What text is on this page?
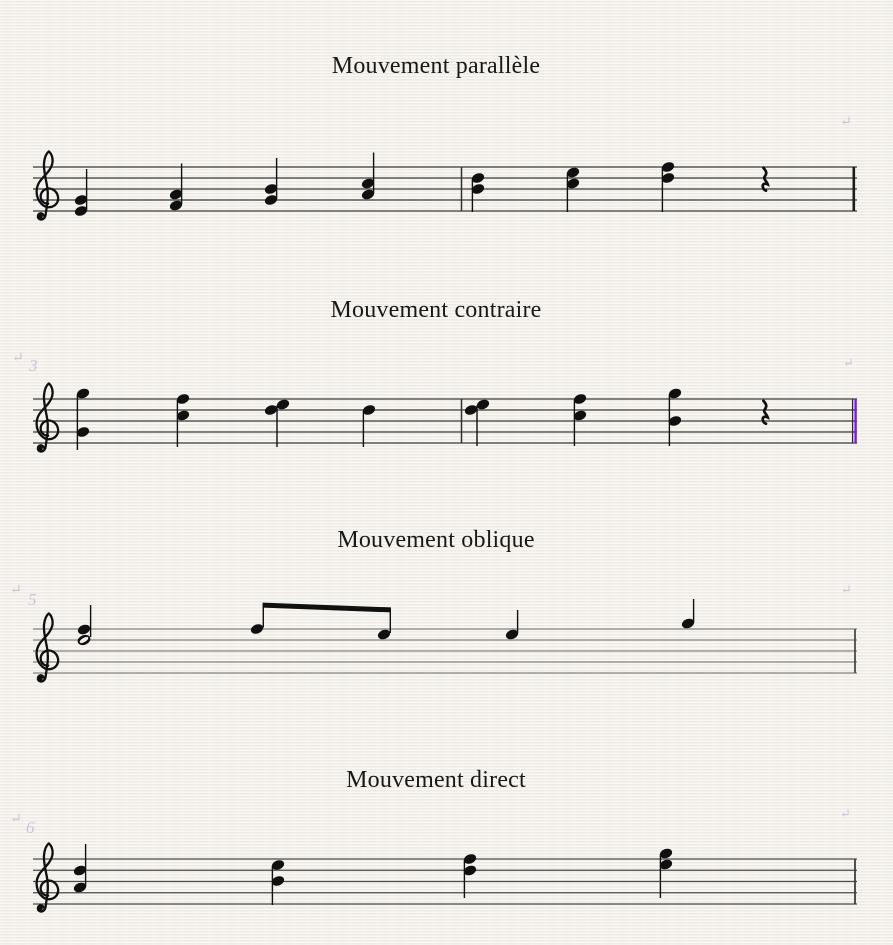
Mouvement parallèle
Mouvement contraire
Mouvement oblique
Mouvement direct
↵
↵ 3	↵
↵ 5
↵
↵ 6
↵
